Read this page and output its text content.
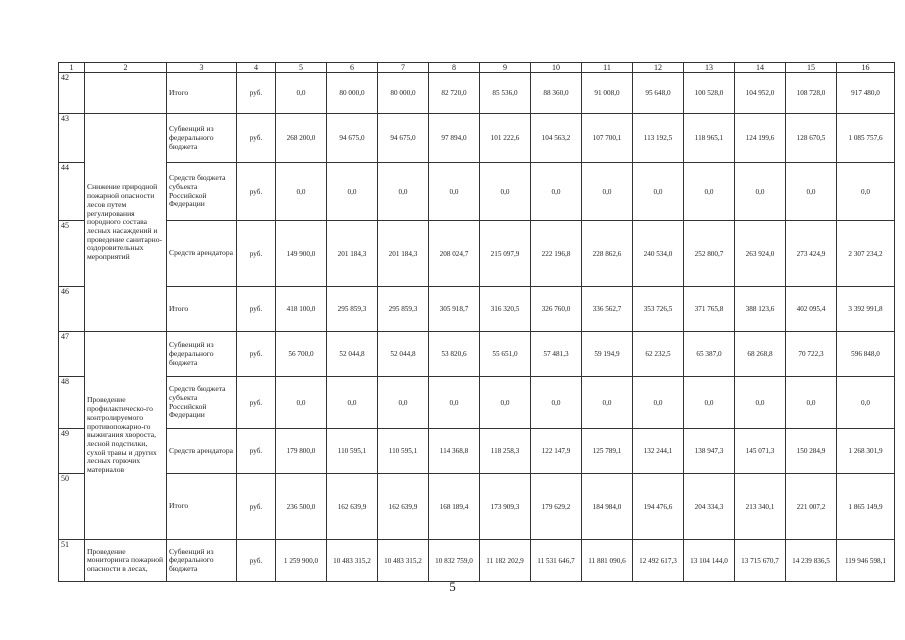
1	2	3	4	5	6	7	8	9	10	11	12	13	14	15	16
42		Итого	руб.	0,0	80 000,0	80 000,0	82 720,0	85 536,0	88 360,0	91 008,0	95 648,0	100 528,0	104 952,0	108 728,0	917 480,0
43	Снижение природной пожарной опасности лесов путем регулирования породного состава лесных насаждений и проведение санитарно-оздоровительных мероприятий	Субвенций из федерального бюджета	руб.	268 200,0	94 675,0	94 675,0	97 894,0	101 222,6	104 563,2	107 700,1	113 192,5	118 965,1	124 199,6	128 670,5	1 085 757,6
44		Средств бюджета субъекта Российской Федерации	руб.	0,0	0,0	0,0	0,0	0,0	0,0	0,0	0,0	0,0	0,0	0,0	0,0
45		Средств арендатора	руб.	149 900,0	201 184,3	201 184,3	208 024,7	215 097,9	222 196,8	228 862,6	240 534,0	252 800,7	263 924,0	273 424,9	2 307 234,2
46		Итого	руб.	418 100,0	295 859,3	295 859,3	305 918,7	316 320,5	326 760,0	336 562,7	353 726,5	371 765,8	388 123,6	402 095,4	3 392 991,8
47	Проведение профилактическо-го контролируемого противопожарно-го выжигания хвороста, лесной подстилки, сухой травы и других лесных горючих материалов	Субвенций из федерального бюджета	руб.	56 700,0	52 044,8	52 044,8	53 820,6	55 651,0	57 481,3	59 194,9	62 232,5	65 387,0	68 268,8	70 722,3	596 848,0
48		Средств бюджета субъекта Российской Федерации	руб.	0,0	0,0	0,0	0,0	0,0	0,0	0,0	0,0	0,0	0,0	0,0	0,0
49		Средств арендатора	руб.	179 800,0	110 595,1	110 595,1	114 368,8	118 258,3	122 147,9	125 789,1	132 244,1	138 947,3	145 071,3	150 284,9	1 268 301,9
50		Итого	руб.	236 500,0	162 639,9	162 639,9	168 189,4	173 909,3	179 629,2	184 984,0	194 476,6	204 334,3	213 340,1	221 007,2	1 865 149,9
51	Проведение мониторинга пожарной опасности в лесах,	Субвенций из федерального бюджета	руб.	1 259 900,0	10 483 315,2	10 483 315,2	10 832 759,0	11 182 202,9	11 531 646,7	11 881 090,6	12 492 617,3	13 104 144,0	13 715 670,7	14 239 836,5	119 946 598,1
5
